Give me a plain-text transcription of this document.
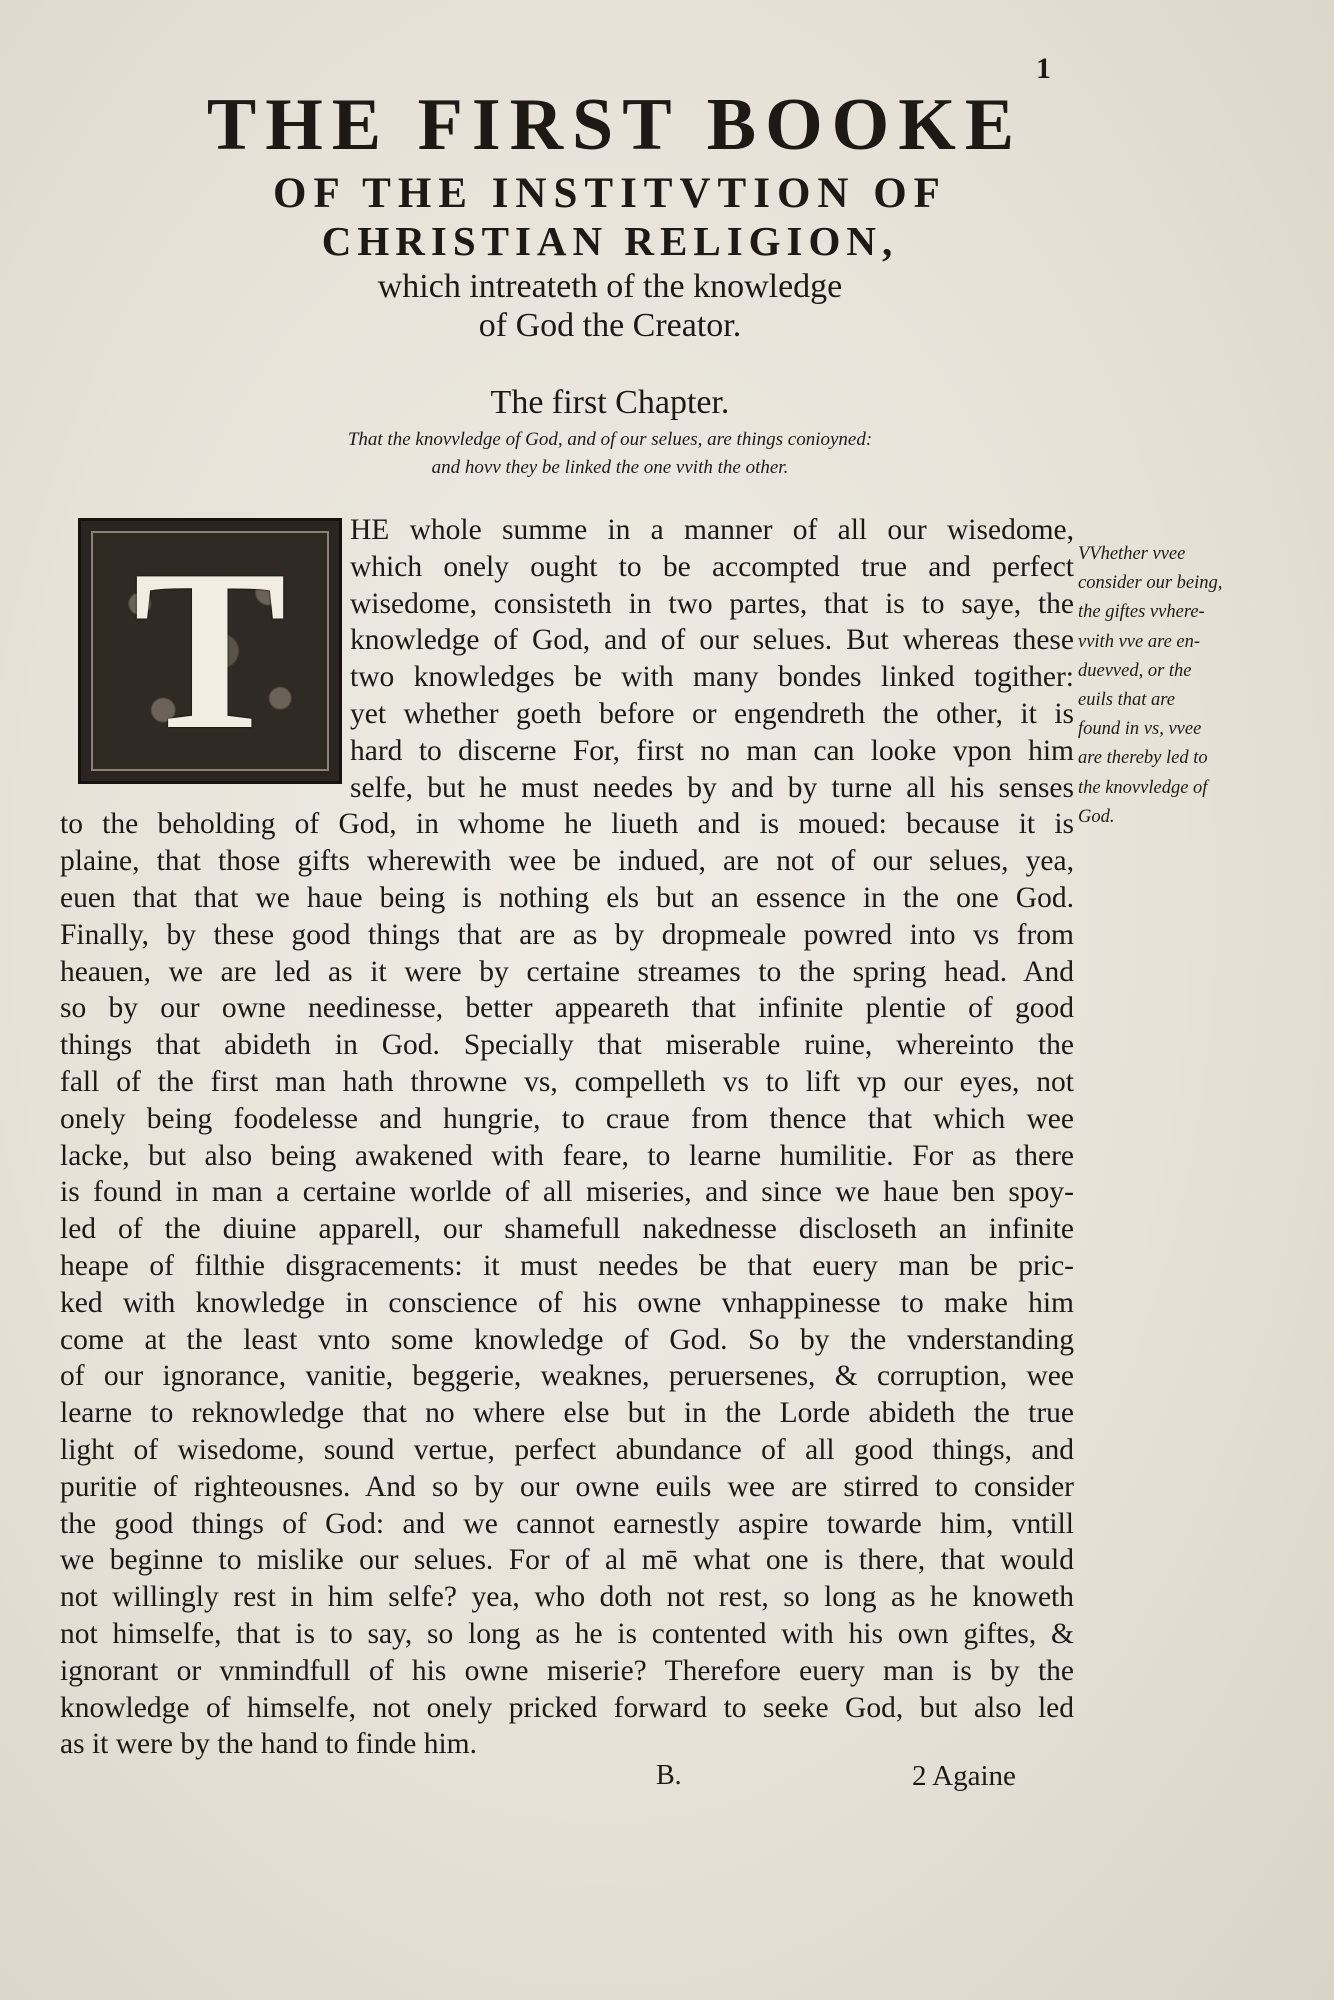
1
THE FIRST BOOKE
OF THE INSTITVTION OF
CHRISTIAN RELIGION,
which intreateth of the knowledge
of God the Creator.
The first Chapter.
That the knovvledge of God, and of our selues, are things conioyned:
and hovv they be linked the one vvith the other.
T	HE whole summe in a manner of all our wisedome,
which onely ought to be accompted true and perfect
wisedome, consisteth in two partes, that is to saye, the
knowledge of God, and of our selues. But whereas these
two knowledges be with many bondes linked togither:
yet whether goeth before or engendreth the other, it is
hard to discerne For, first no man can looke vpon him
selfe, but he must needes by and by turne all his senses
to the beholding of God, in whome he liueth and is moued: because it is
plaine, that those gifts wherewith wee be indued, are not of our selues, yea,
euen that that we haue being is nothing els but an essence in the one God.
Finally, by these good things that are as by dropmeale powred into vs from
heauen, we are led as it were by certaine streames to the spring head. And
so by our owne needinesse, better appeareth that infinite plentie of good
things that abideth in God. Specially that miserable ruine, whereinto the
fall of the first man hath throwne vs, compelleth vs to lift vp our eyes, not
onely being foodelesse and hungrie, to craue from thence that which wee
lacke, but also being awakened with feare, to learne humilitie. For as there
is found in man a certaine worlde of all miseries, and since we haue ben spoy-
led of the diuine apparell, our shamefull nakednesse discloseth an infinite
heape of filthie disgracements: it must needes be that euery man be pric-
ked with knowledge in conscience of his owne vnhappinesse to make him
come at the least vnto some knowledge of God. So by the vnderstanding
of our ignorance, vanitie, beggerie, weaknes, peruersenes, & corruption, wee
learne to reknowledge that no where else but in the Lorde abideth the true
light of wisedome, sound vertue, perfect abundance of all good things, and
puritie of righteousnes. And so by our owne euils wee are stirred to consider
the good things of God: and we cannot earnestly aspire towarde him, vntill
we beginne to mislike our selues. For of al mē what one is there, that would
not willingly rest in him selfe? yea, who doth not rest, so long as he knoweth
not himselfe, that is to say, so long as he is contented with his own giftes, &
ignorant or vnmindfull of his owne miserie? Therefore euery man is by the
knowledge of himselfe, not onely pricked forward to seeke God, but also led
as it were by the hand to finde him.
VVhether vvee
consider our being,
the giftes vvhere-
vvith vve are en-
duevved, or the
euils that are
found in vs, vvee
are thereby led to
the knovvledge of
God.
B.	2 Againe
